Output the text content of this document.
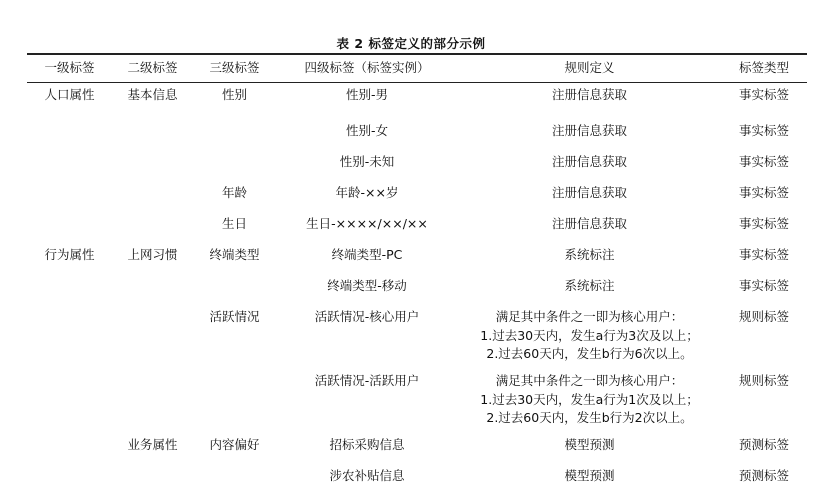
表 2 标签定义的部分示例
一级标签	二级标签	三级标签	四级标签（标签实例）	规则定义	标签类型
人口属性	基本信息	性别	性别-男	注册信息获取	事实标签
			性别-女	注册信息获取	事实标签
			性别-未知	注册信息获取	事实标签
		年龄	年龄-××岁	注册信息获取	事实标签
		生日	生日-××××/××/××	注册信息获取	事实标签
行为属性	上网习惯	终端类型	终端类型-PC	系统标注	事实标签
			终端类型-移动	系统标注	事实标签
		活跃情况	活跃情况-核心用户	满足其中条件之一即为核心用户：
1.过去30天内，发生a行为3次及以上；
2.过去60天内，发生b行为6次以上。	规则标签
			活跃情况-活跃用户	满足其中条件之一即为核心用户：
1.过去30天内，发生a行为1次及以上；
2.过去60天内，发生b行为2次以上。	规则标签
	业务属性	内容偏好	招标采购信息	模型预测	预测标签
			涉农补贴信息	模型预测	预测标签
